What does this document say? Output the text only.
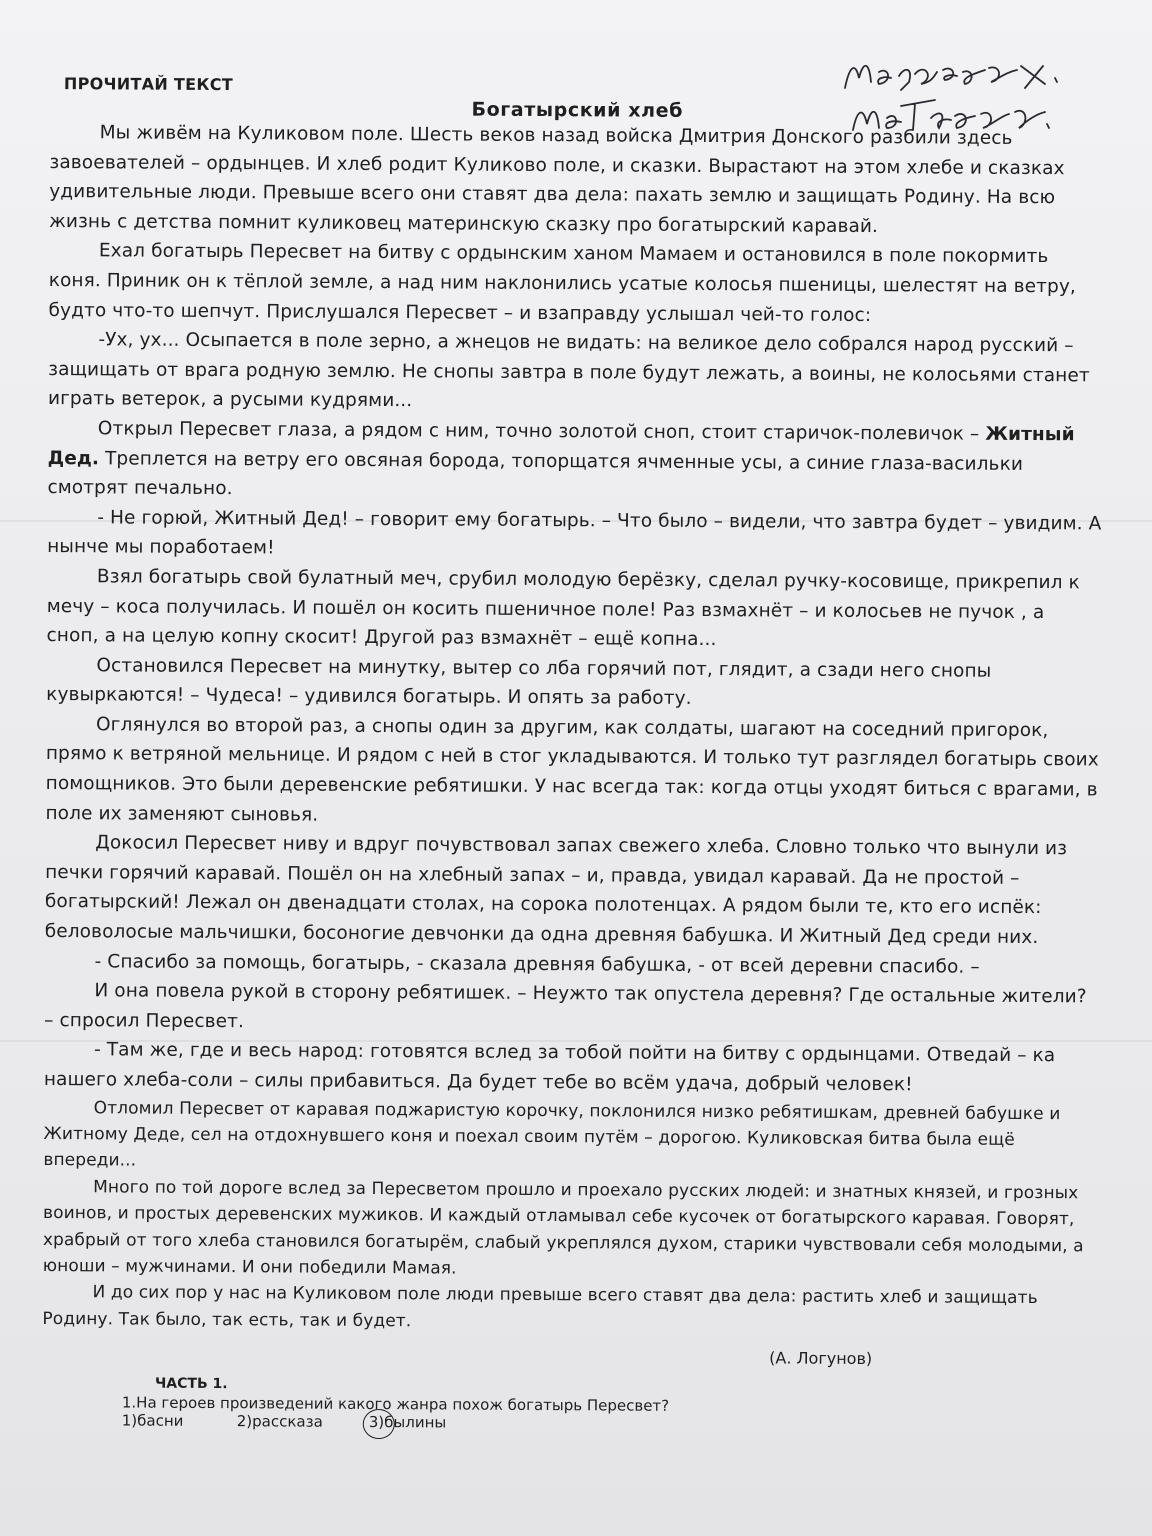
ПРОЧИТАЙ ТЕКСТ
Богатырский хлеб

Мы живём на Куликовом поле. Шесть веков назад войска Дмитрия Донского разбили здесь завоевателей – ордынцев. И хлеб родит Куликово поле, и сказки. Вырастают на этом хлебе и сказках удивительные люди. Превыше всего они ставят два дела: пахать землю и защищать Родину. На всю жизнь с детства помнит куликовец материнскую сказку про богатырский каравай.

Ехал богатырь Пересвет на битву с ордынским ханом Мамаем и остановился в поле покормить коня. Приник он к тёплой земле, а над ним наклонились усатые колосья пшеницы, шелестят на ветру, будто что-то шепчут. Прислушался Пересвет – и взаправду услышал чей-то голос:

-Ух, ух... Осыпается в поле зерно, а жнецов не видать: на великое дело собрался народ русский – защищать от врага родную землю. Не снопы завтра в поле будут лежать, а воины, не колосьями станет играть ветерок, а русыми кудрями...

Открыл Пересвет глаза, а рядом с ним, точно золотой сноп, стоит старичок-полевичок – Житный Дед. Треплется на ветру его овсяная борода, топорщатся ячменные усы, а синие глаза-васильки смотрят печально.

- Не горюй, Житный Дед! – говорит ему богатырь. – Что было – видели, что завтра будет – увидим. А нынче мы поработаем!

Взял богатырь свой булатный меч, срубил молодую берёзку, сделал ручку-косовище, прикрепил к мечу – коса получилась. И пошёл он косить пшеничное поле! Раз взмахнёт – и колосьев не пучок , а сноп, а на целую копну скосит! Другой раз взмахнёт – ещё копна...

Остановился Пересвет на минутку, вытер со лба горячий пот, глядит, а сзади него снопы кувыркаются! – Чудеса! – удивился богатырь. И опять за работу.

Оглянулся во второй раз, а снопы один за другим, как солдаты, шагают на соседний пригорок, прямо к ветряной мельнице. И рядом с ней в стог укладываются. И только тут разглядел богатырь своих помощников. Это были деревенские ребятишки. У нас всегда так: когда отцы уходят биться с врагами, в поле их заменяют сыновья.

Докосил Пересвет ниву и вдруг почувствовал запах свежего хлеба. Словно только что вынули из печки горячий каравай. Пошёл он на хлебный запах – и, правда, увидал каравай. Да не простой – богатырский! Лежал он двенадцати столах, на сорока полотенцах. А рядом были те, кто его испёк: беловолосые мальчишки, босоногие девчонки да одна древняя бабушка. И Житный Дед среди них.

- Спасибо за помощь, богатырь, - сказала древняя бабушка, - от всей деревни спасибо. –

И она повела рукой в сторону ребятишек. – Неужто так опустела деревня? Где остальные жители? – спросил Пересвет.

- Там же, где и весь народ: готовятся вслед за тобой пойти на битву с ордынцами. Отведай – ка нашего хлеба-соли – силы прибавиться. Да будет тебе во всём удача, добрый человек!

Отломил Пересвет от каравая поджаристую корочку, поклонился низко ребятишкам, древней бабушке и Житному Деде, сел на отдохнувшего коня и поехал своим путём – дорогою. Куликовская битва была ещё впереди...

Много по той дороге вслед за Пересветом прошло и проехало русских людей: и знатных князей, и грозных воинов, и простых деревенских мужиков. И каждый отламывал себе кусочек от богатырского каравая. Говорят, храбрый от того хлеба становился богатырём, слабый укреплялся духом, старики чувствовали себя молодыми, а юноши – мужчинами. И они победили Мамая.

И до сих пор у нас на Куликовом поле люди превыше всего ставят два дела: растить хлеб и защищать Родину. Так было, так есть, так и будет.

(А. Логунов)
ЧАСТЬ 1.
1.На героев произведений какого жанра похож богатырь Пересвет?
1)басни	2)рассказа	3)былины
